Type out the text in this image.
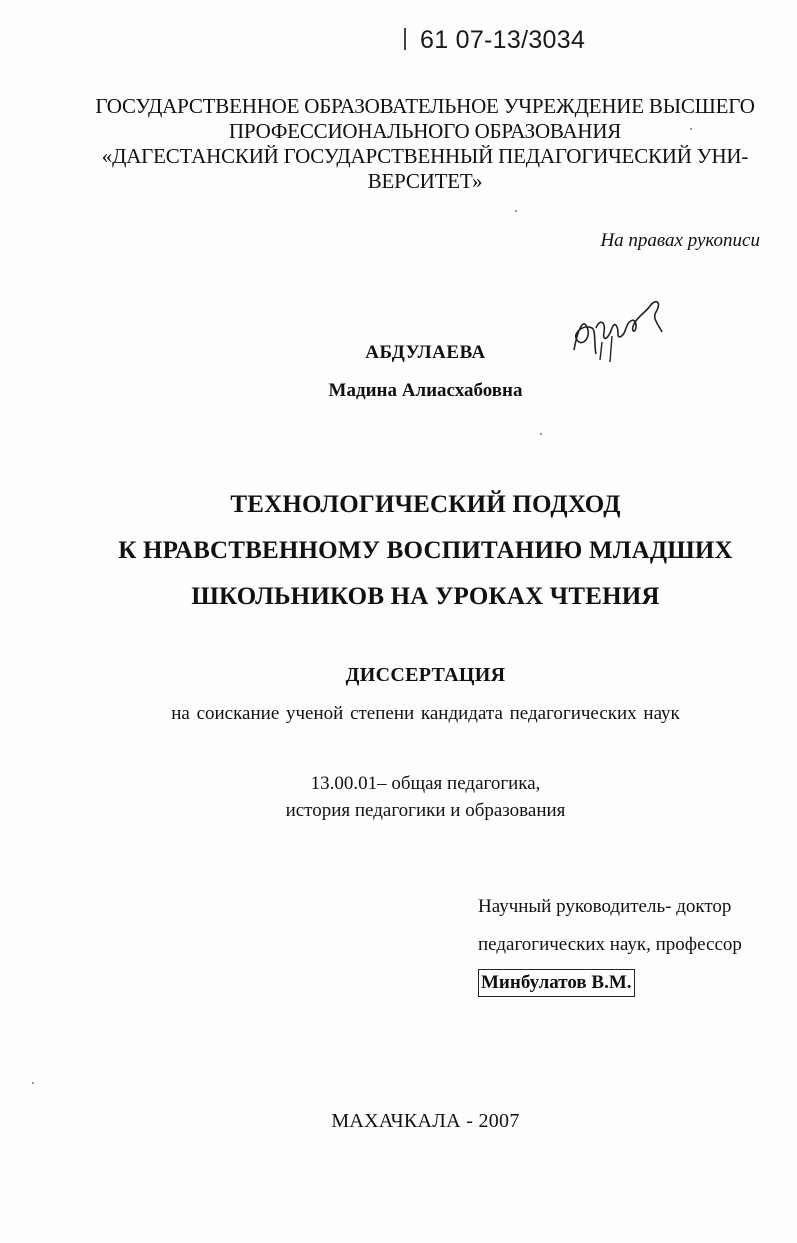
61 07-13/3034
ГОСУДАРСТВЕННОЕ ОБРАЗОВАТЕЛЬНОЕ УЧРЕЖДЕНИЕ ВЫСШЕГО
ПРОФЕССИОНАЛЬНОГО ОБРАЗОВАНИЯ
«ДАГЕСТАНСКИЙ ГОСУДАРСТВЕННЫЙ ПЕДАГОГИЧЕСКИЙ УНИ-
ВЕРСИТЕТ»
На правах рукописи
АБДУЛАЕВА
Мадина Алиасхабовна
ТЕХНОЛОГИЧЕСКИЙ ПОДХОД
К НРАВСТВЕННОМУ ВОСПИТАНИЮ МЛАДШИХ
ШКОЛЬНИКОВ НА УРОКАХ ЧТЕНИЯ
ДИССЕРТАЦИЯ
на соискание ученой степени кандидата педагогических наук
13.00.01– общая педагогика,
история педагогики и образования
Научный руководитель- доктор
педагогических наук, профессор
Минбулатов В.М.
МАХАЧКАЛА - 2007
